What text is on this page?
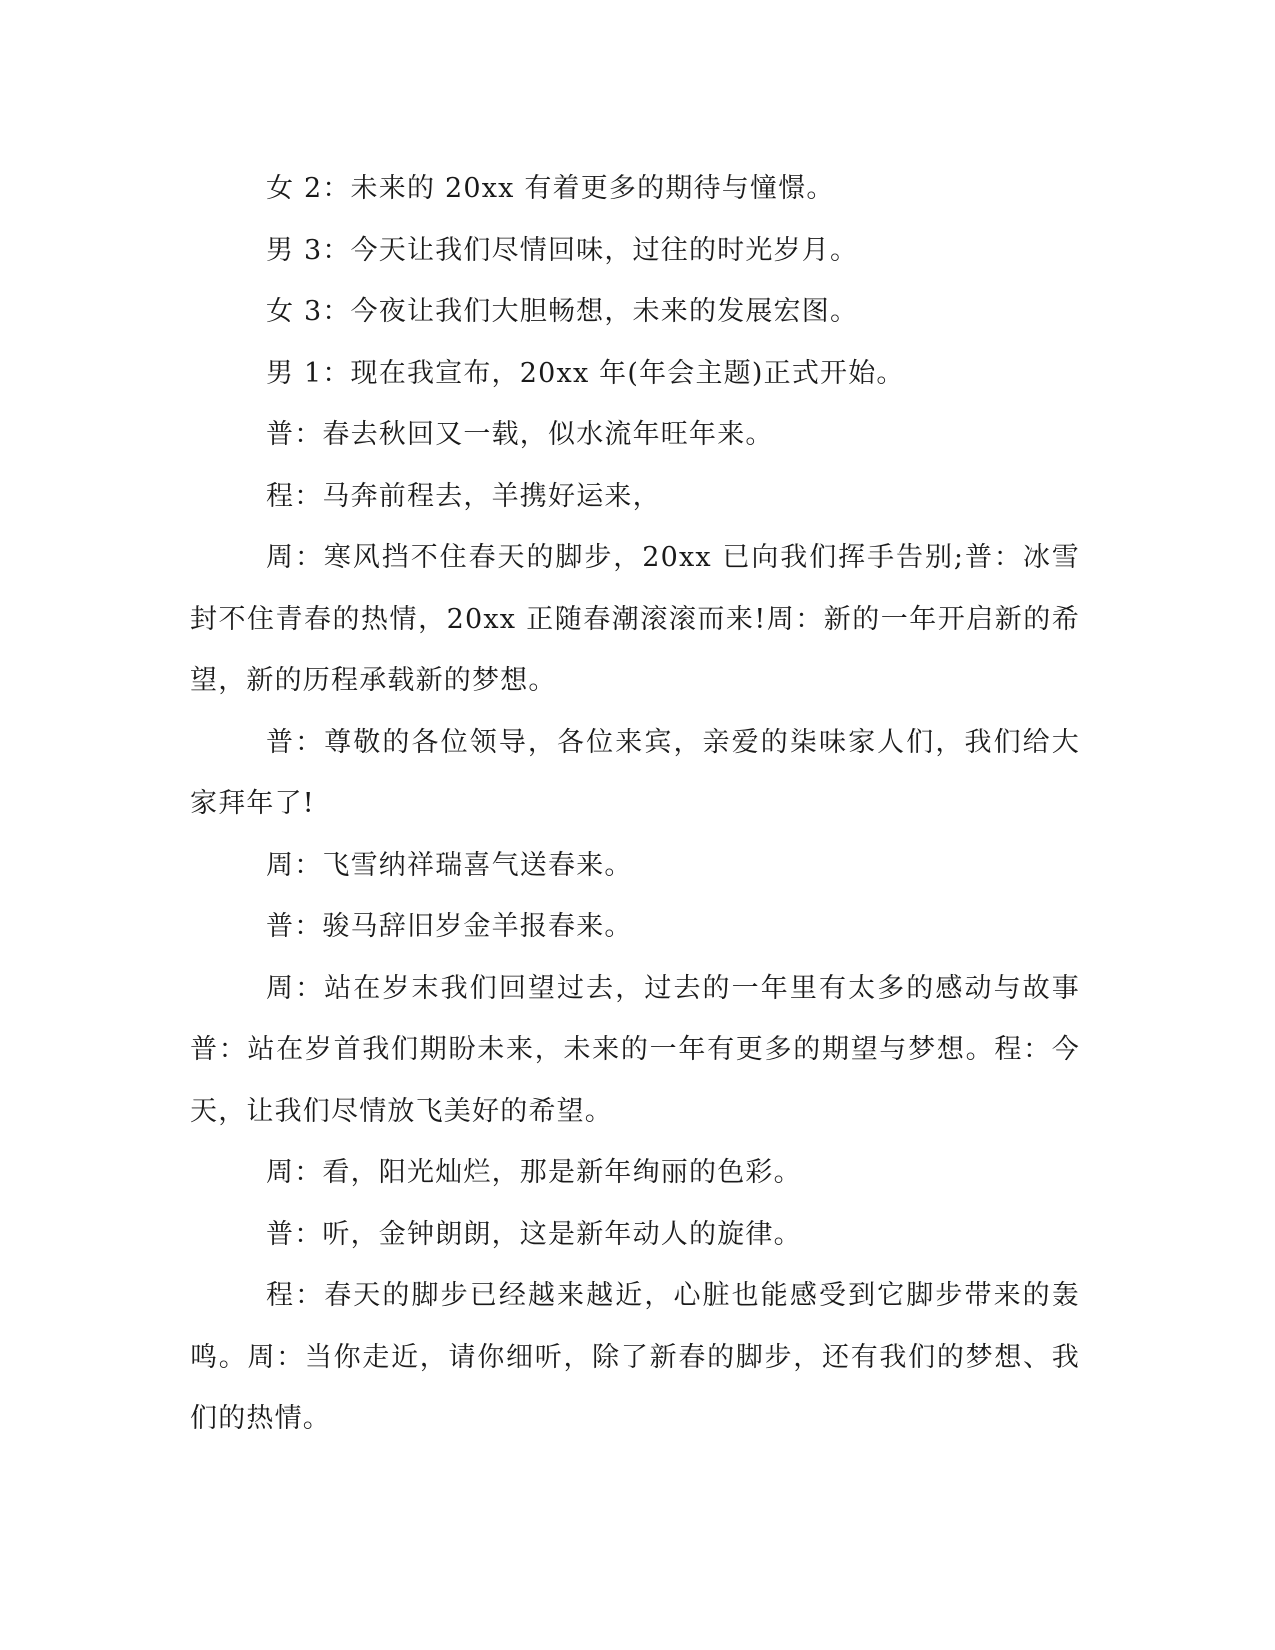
女 2：未来的 20xx 有着更多的期待与憧憬。

男 3：今天让我们尽情回味，过往的时光岁月。

女 3：今夜让我们大胆畅想，未来的发展宏图。

男 1：现在我宣布，20xx 年(年会主题)正式开始。

普：春去秋回又一载，似水流年旺年来。

程：马奔前程去，羊携好运来，

周：寒风挡不住春天的脚步，20xx 已向我们挥手告别;普：冰雪封不住青春的热情，20xx 正随春潮滚滚而来!周：新的一年开启新的希望，新的历程承载新的梦想。

普：尊敬的各位领导，各位来宾，亲爱的柒味家人们，我们给大家拜年了!

周：飞雪纳祥瑞喜气送春来。

普：骏马辞旧岁金羊报春来。

周：站在岁末我们回望过去，过去的一年里有太多的感动与故事普：站在岁首我们期盼未来，未来的一年有更多的期望与梦想。程：今天，让我们尽情放飞美好的希望。

周：看，阳光灿烂，那是新年绚丽的色彩。

普：听，金钟朗朗，这是新年动人的旋律。

程：春天的脚步已经越来越近，心脏也能感受到它脚步带来的轰鸣。周：当你走近，请你细听，除了新春的脚步，还有我们的梦想、我们的热情。
